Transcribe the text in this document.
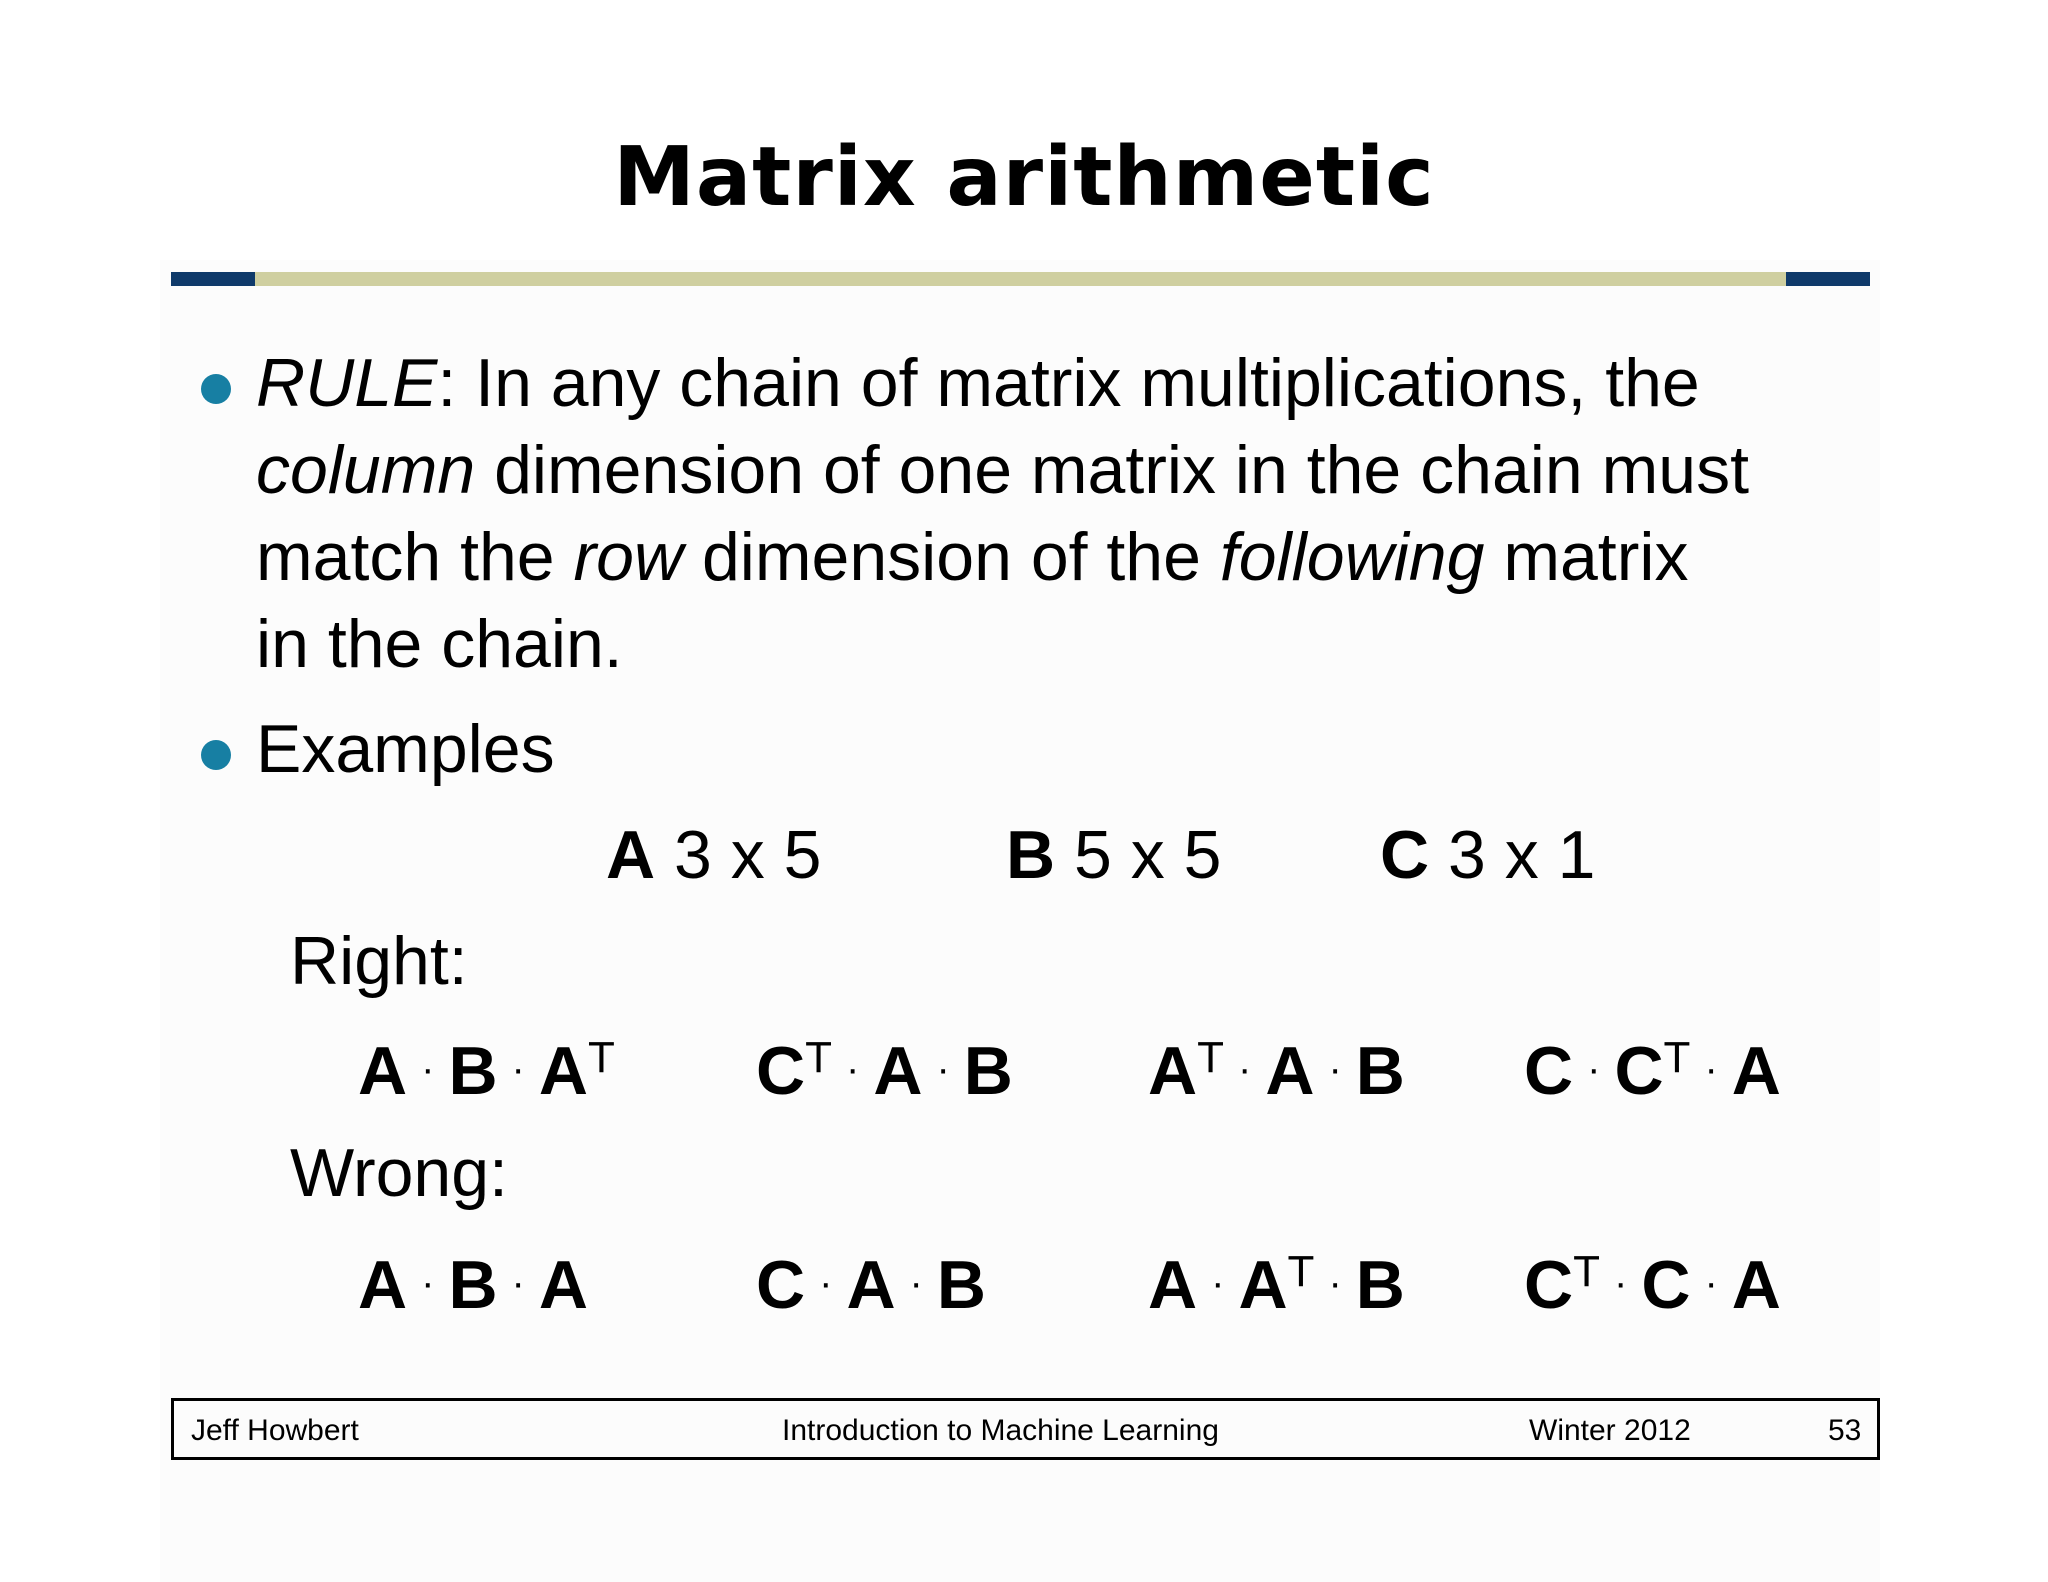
Matrix arithmetic
RULE: In any chain of matrix multiplications, the
column dimension of one matrix in the chain must
match the row dimension of the following matrix
in the chain.
Examples
A 3 x 5	B 5 x 5 C 3 x 1
Right:
$A \cdot B \cdot A^T$ $C^T \cdot A \cdot B$ $A^T \cdot A \cdot B$ $C \cdot C^T \cdot A$
Wrong:
A · B · A C · A · B $A \cdot A^T \cdot B$ $C^T \cdot C \cdot A$
Jeff Howbert	Introduction to Machine Learning	Winter 2012	53
